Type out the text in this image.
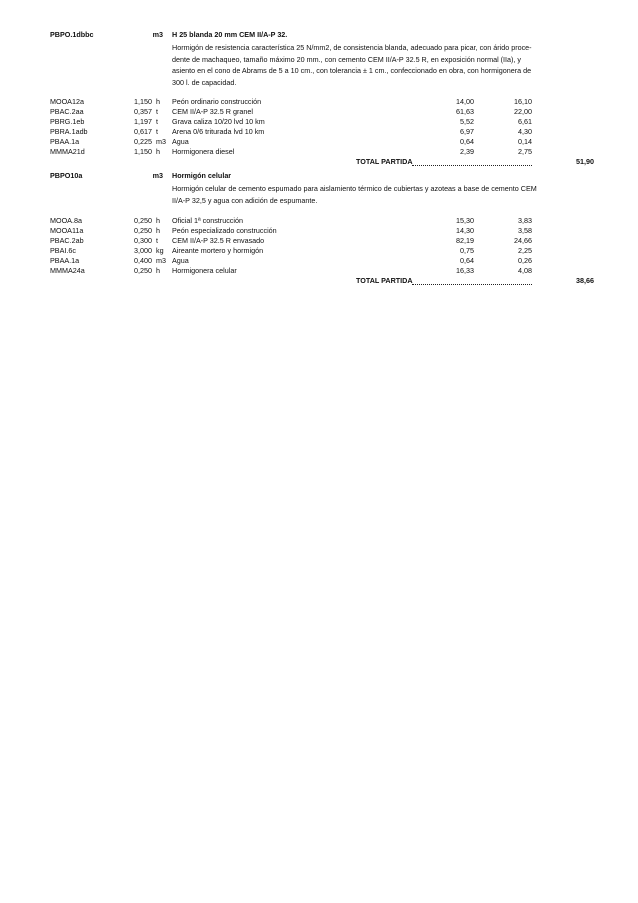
PBPO.1dbbc	m3 H 25 blanda 20 mm CEM II/A-P 32.
Hormigón de resistencia característica 25 N/mm2, de consistencia blanda, adecuado para picar, con árido proce-
dente de machaqueo, tamaño máximo 20 mm., con cemento CEM II/A-P 32.5 R, en exposición normal (IIa), y
asiento en el cono de Abrams de 5 a 10 cm., con tolerancia ± 1 cm., confeccionado en obra, con hormigonera de
300 l. de capacidad.
MOOA12a	1,150 h Peón ordinario construcción	14,00	16,10
PBAC.2aa	0,357 t CEM II/A-P 32.5 R granel	61,63	22,00
PBRG.1eb	1,197 t Grava caliza 10/20 lvd 10 km	5,52	6,61
PBRA.1adb	0,617 t Arena 0/6 triturada lvd 10 km	6,97	4,30
PBAA.1a	0,225 m3 Agua	0,64	0,14
MMMA21d	1,150 h Hormigonera diesel	2,39	2,75
TOTAL PARTIDA	51,90
PBPO10a	m3 Hormigón celular
Hormigón celular de cemento espumado para aislamiento térmico de cubiertas y azoteas a base de cemento CEM
II/A-P 32,5 y agua con adición de espumante.
MOOA.8a	0,250 h Oficial 1ª construcción	15,30	3,83
MOOA11a	0,250 h Peón especializado construcción	14,30	3,58
PBAC.2ab	0,300 t CEM II/A-P 32.5 R envasado	82,19	24,66
PBAI.6c	3,000 kg Aireante mortero y hormigón	0,75	2,25
PBAA.1a	0,400 m3 Agua	0,64	0,26
MMMA24a	0,250 h Hormigonera celular	16,33	4,08
TOTAL PARTIDA	38,66
